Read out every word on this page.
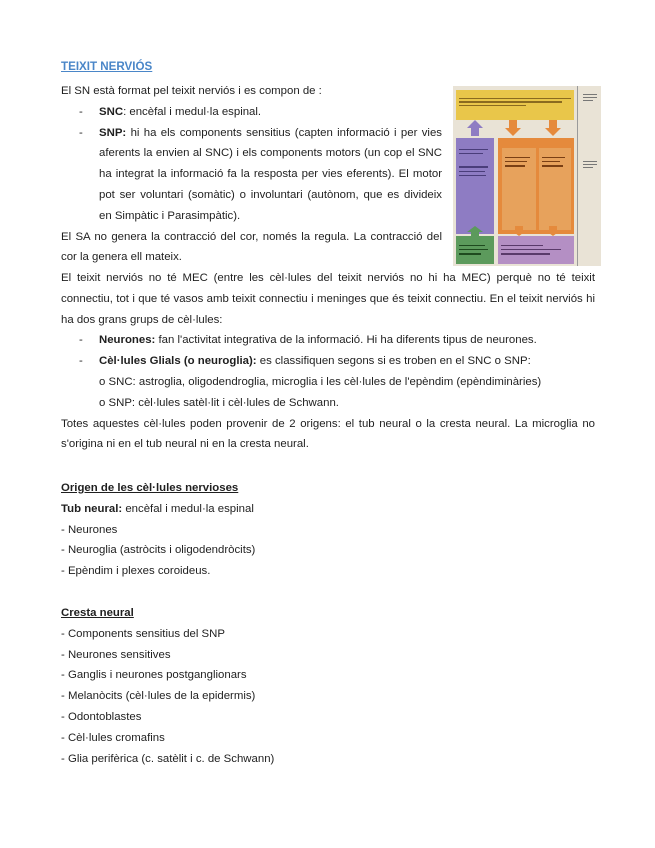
TEIXIT NERVIÓS
El SN està format pel teixit nerviós i es compon de :
- SNC: encèfal i medul·la espinal.
- SNP: hi ha els components sensitius (capten informació i per vies aferents la envien al SNC) i els components motors (un cop el SNC ha integrat la informació fa la resposta per vies eferents). El motor pot ser voluntari (somàtic) o involuntari (autònom, que es divideix en Simpàtic i Parasimpàtic).
El SA no genera la contracció del cor, només la regula. La contracció del cor la genera ell mateix.
El teixit nerviós no té MEC (entre les cèl·lules del teixit nerviós no hi ha MEC) perquè no té teixit connectiu, tot i que té vasos amb teixit connectiu i meninges que és teixit connectiu. En el teixit nerviós hi ha dos grans grups de cèl·lules:
- Neurones: fan l'activitat integrativa de la informació. Hi ha diferents tipus de neurones.
- Cèl·lules Glials (o neuroglia): es classifiquen segons si es troben en el SNC o SNP:
o SNC: astroglia, oligodendroglia, microglia i les cèl·lules de l'epèndim (epèndiminàries)
o SNP: cèl·lules satèl·lit i cèl·lules de Schwann.
Totes aquestes cèl·lules poden provenir de 2 origens: el tub neural o la cresta neural. La microglia no s'origina ni en el tub neural ni en la cresta neural.
Origen de les cèl·lules nervioses
Tub neural: encèfal i medul·la espinal
- Neurones
- Neuroglia (astròcits i oligodendròcits)
- Epèndim i plexes coroideus.
Cresta neural
- Components sensitius del SNP
- Neurones sensitives
- Ganglis i neurones postganglionars
- Melanòcits (cèl·lules de la epidermis)
- Odontoblastes
- Cèl·lules cromafins
- Glia perifèrica (c. satèlit i c. de Schwann)
